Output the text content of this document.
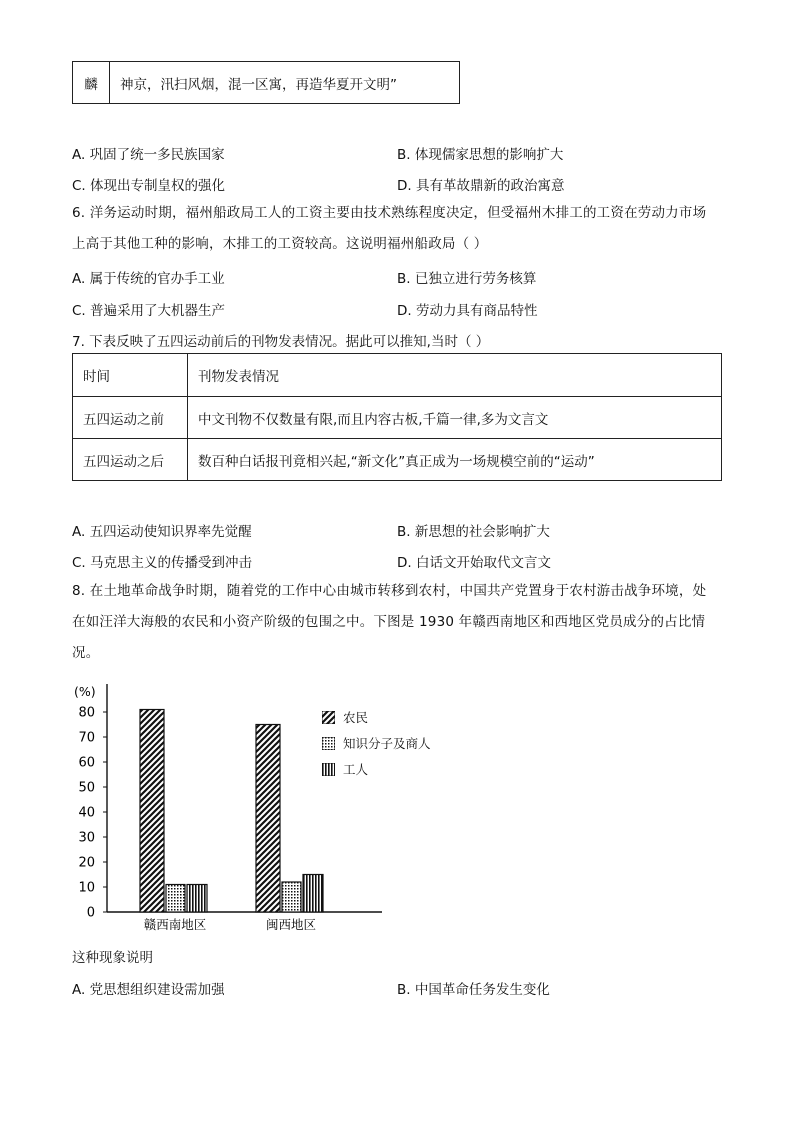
麟	神京，汛扫风烟，混一区寓，再造华夏开文明”
A. 巩固了统一多民族国家	B. 体现儒家思想的影响扩大
C. 体现出专制皇权的强化	D. 具有革故鼎新的政治寓意
6. 洋务运动时期，福州船政局工人的工资主要由技术熟练程度决定，但受福州木排工的工资在劳动力市场
上高于其他工种的影响，木排工的工资较高。这说明福州船政局（ ）
A. 属于传统的官办手工业	B. 已独立进行劳务核算
C. 普遍采用了大机器生产	D. 劳动力具有商品特性
7. 下表反映了五四运动前后的刊物发表情况。据此可以推知,当时（ ）
时间	刊物发表情况
五四运动之前	中文刊物不仅数量有限,而且内容古板,千篇一律,多为文言文
五四运动之后	数百种白话报刊竟相兴起,“新文化”真正成为一场规模空前的“运动”
A. 五四运动使知识界率先觉醒	B. 新思想的社会影响扩大
C. 马克思主义的传播受到冲击	D. 白话文开始取代文言文
8. 在土地革命战争时期，随着党的工作中心由城市转移到农村，中国共产党置身于农村游击战争环境，处
在如汪洋大海般的农民和小资产阶级的包围之中。下图是 1930 年赣西南地区和西地区党员成分的占比情
况。
(%)
0
10
20
30
40
50
60
70
80
赣西南地区	闽西地区
农民
知识分子及商人
工人
这种现象说明
A. 党思想组织建设需加强	B. 中国革命任务发生变化
